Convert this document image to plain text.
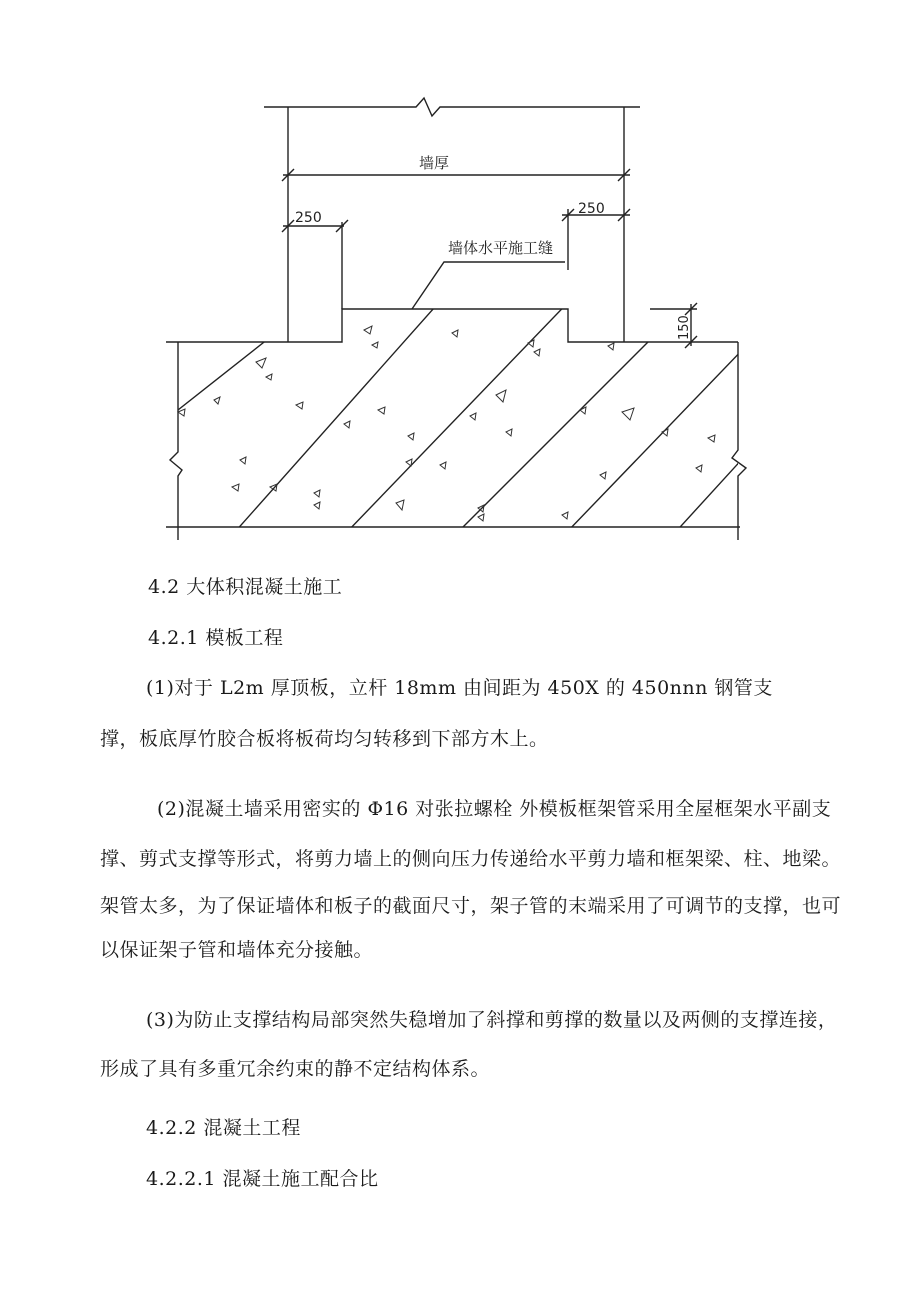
墙厚
250
250
墙体水平施工缝
150

4.2 大体积混凝土施工

4.2.1 模板工程

(1)对于 L2m 厚顶板，立杆 18mm 由间距为 450X 的 450nnn 钢管支

撑，板底厚竹胶合板将板荷均匀转移到下部方木上。

(2)混凝土墙采用密实的 Φ16 对张拉螺栓 外模板框架管采用全屋框架水平副支

撑、剪式支撑等形式，将剪力墙上的侧向压力传递给水平剪力墙和框架梁、柱、地梁。

架管太多，为了保证墙体和板子的截面尺寸，架子管的末端采用了可调节的支撑，也可

以保证架子管和墙体充分接触。

(3)为防止支撑结构局部突然失稳增加了斜撑和剪撑的数量以及两侧的支撑连接，

形成了具有多重冗余约束的静不定结构体系。

4.2.2 混凝土工程

4.2.2.1 混凝土施工配合比
